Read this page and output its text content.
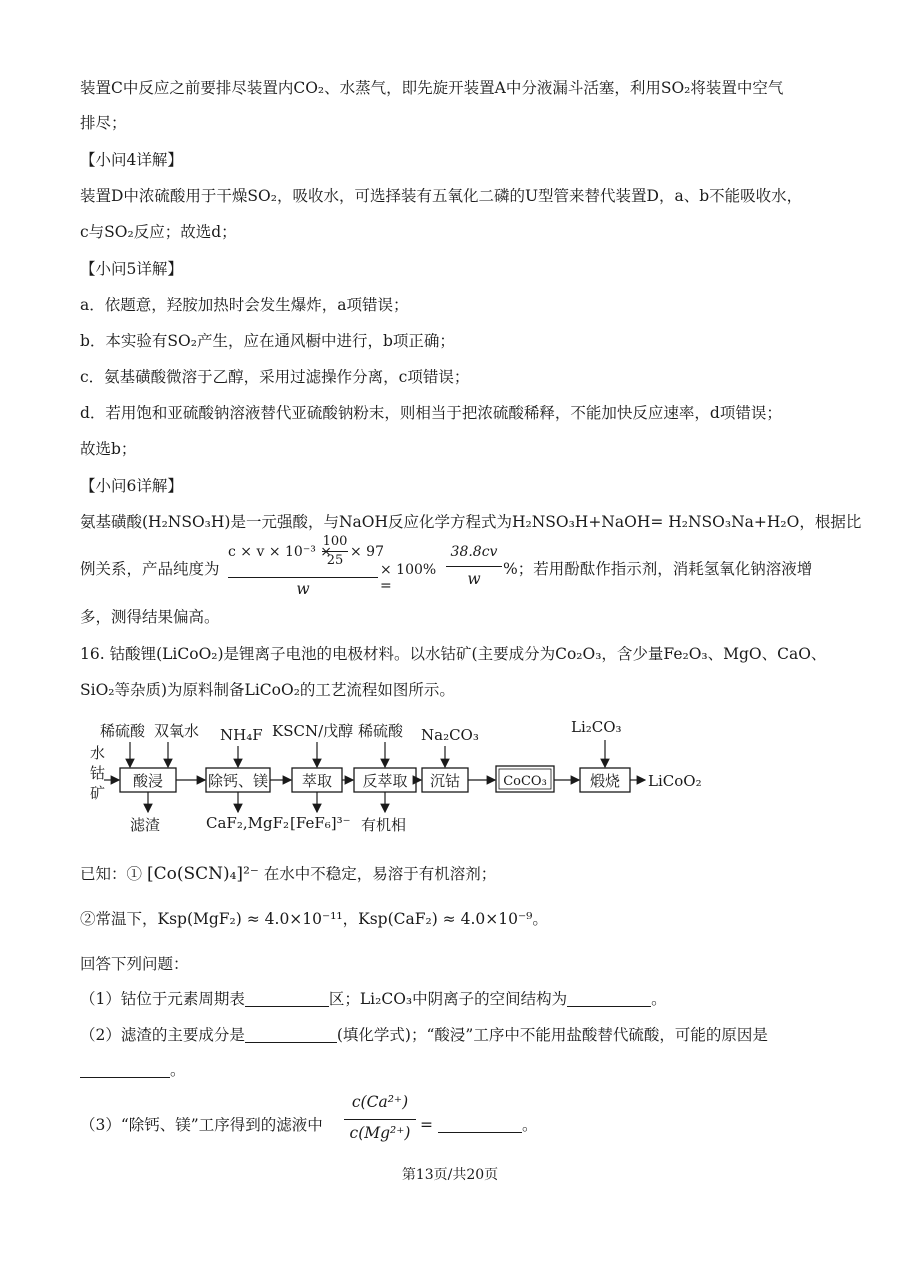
装置C中反应之前要排尽装置内CO₂、水蒸气，即先旋开装置A中分液漏斗活塞，利用SO₂将装置中空气
排尽；
【小问4详解】
装置D中浓硫酸用于干燥SO₂，吸收水，可选择装有五氧化二磷的U型管来替代装置D，a、b不能吸收水，
c与SO₂反应；故选d；
【小问5详解】
a．依题意，羟胺加热时会发生爆炸，a项错误；
b．本实验有SO₂产生，应在通风橱中进行，b项正确；
c．氨基磺酸微溶于乙醇，采用过滤操作分离，c项错误；
d．若用饱和亚硫酸钠溶液替代亚硫酸钠粉末，则相当于把浓硫酸稀释，不能加快反应速率，d项错误；
故选b；
【小问6详解】
氨基磺酸(H₂NSO₃H)是一元强酸，与NaOH反应化学方程式为H₂NSO₃H+NaOH= H₂NSO₃Na+H₂O，根据比
例关系，产品纯度为
c × v × 10⁻³ ×
100
25
× 97
w
× 100% =
38.8cv
w
%；若用酚酞作指示剂，消耗氢氧化钠溶液增
多，测得结果偏高。
16. 钴酸锂(LiCoO₂)是锂离子电池的电极材料。以水钴矿(主要成分为Co₂O₃，含少量Fe₂O₃、MgO、CaO、
SiO₂等杂质)为原料制备LiCoO₂的工艺流程如图所示。
水
钴
矿
酸浸	除钙、镁 萃取 反萃取 沉钴	CoCO₃	煅烧 LiCoO₂
稀硫酸 双氧水 NH₄F KSCN/戊醇 稀硫酸 Na₂CO₃	Li₂CO₃
滤渣	CaF₂,MgF₂ [FeF₆]³⁻ 有机相
已知：① [Co(SCN)₄]²⁻ 在水中不稳定，易溶于有机溶剂；
②常温下，Ksp(MgF₂) ≈ 4.0×10⁻¹¹，Ksp(CaF₂) ≈ 4.0×10⁻⁹。
回答下列问题：
（1）钴位于元素周期表	区；Li₂CO₃中阴离子的空间结构为	。
（2）滤渣的主要成分是	(填化学式)；“酸浸”工序中不能用盐酸替代硫酸，可能的原因是
。
（3）“除钙、镁”工序得到的滤液中
c(Ca²⁺)
c(Mg²⁺) =	。
第13页/共20页
